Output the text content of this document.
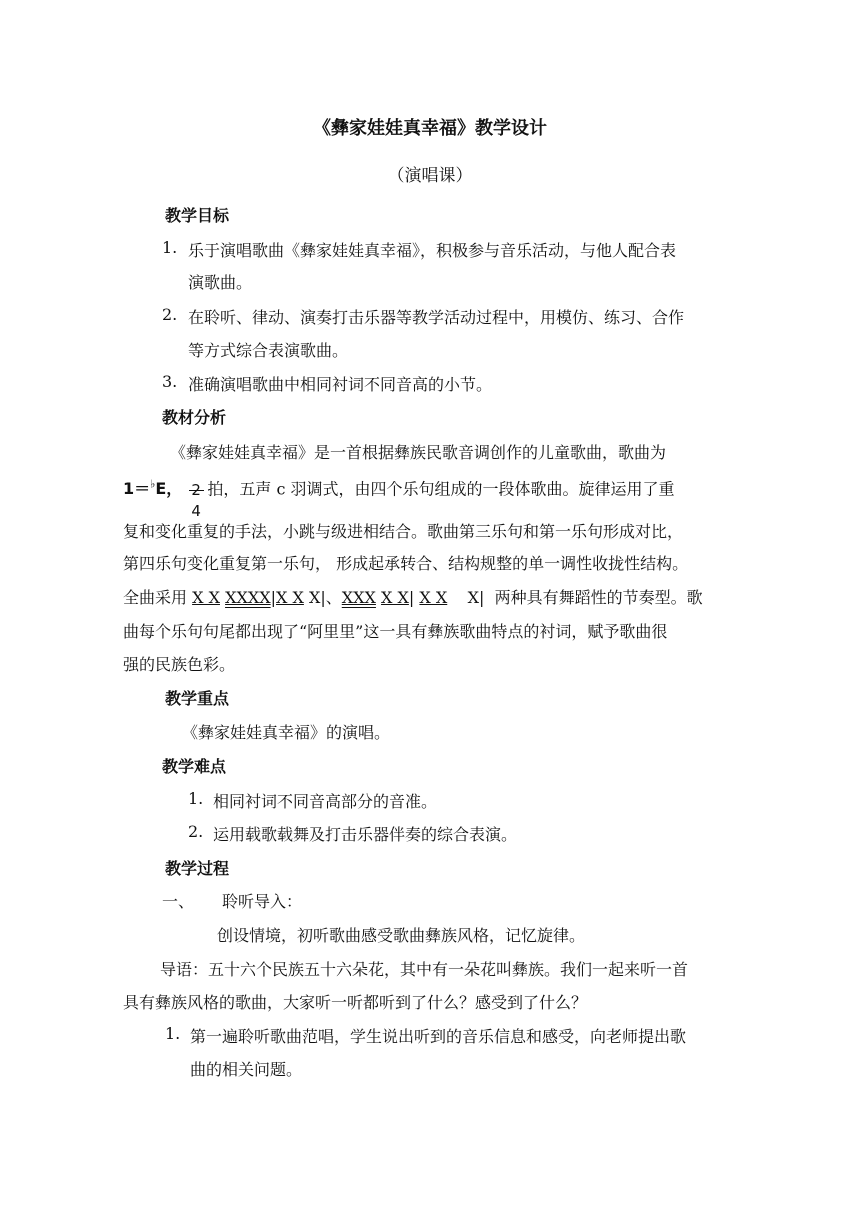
《彝家娃娃真幸福》教学设计
（演唱课）
教学目标
1. 乐于演唱歌曲《彝家娃娃真幸福》，积极参与音乐活动，与他人配合表
演歌曲。
2. 在聆听、律动、演奏打击乐器等教学活动过程中，用模仿、练习、合作
等方式综合表演歌曲。
3. 准确演唱歌曲中相同衬词不同音高的小节。
教材分析
《彝家娃娃真幸福》是一首根据彝族民歌音调创作的儿童歌曲，歌曲为
1＝♭E， 2
4
拍，五声 c 羽调式，由四个乐句组成的一段体歌曲。旋律运用了重
复和变化重复的手法，小跳与级进相结合。歌曲第三乐句和第一乐句形成对比，
第四乐句变化重复第一乐句， 形成起承转合、结构规整的单一调性收拢性结构。
全曲采用 X X XXXX|X X X|、XXX X X| X X    X|  两种具有舞蹈性的节奏型。歌
曲每个乐句句尾都出现了“阿里里”这一具有彝族歌曲特点的衬词，赋予歌曲很
强的民族色彩。
教学重点
《彝家娃娃真幸福》的演唱。
教学难点
1. 相同衬词不同音高部分的音准。
2. 运用载歌载舞及打击乐器伴奏的综合表演。
教学过程
一、 聆听导入：
创设情境，初听歌曲感受歌曲彝族风格，记忆旋律。
导语：五十六个民族五十六朵花，其中有一朵花叫彝族。我们一起来听一首
具有彝族风格的歌曲，大家听一听都听到了什么？感受到了什么？
1. 第一遍聆听歌曲范唱，学生说出听到的音乐信息和感受，向老师提出歌
曲的相关问题。
